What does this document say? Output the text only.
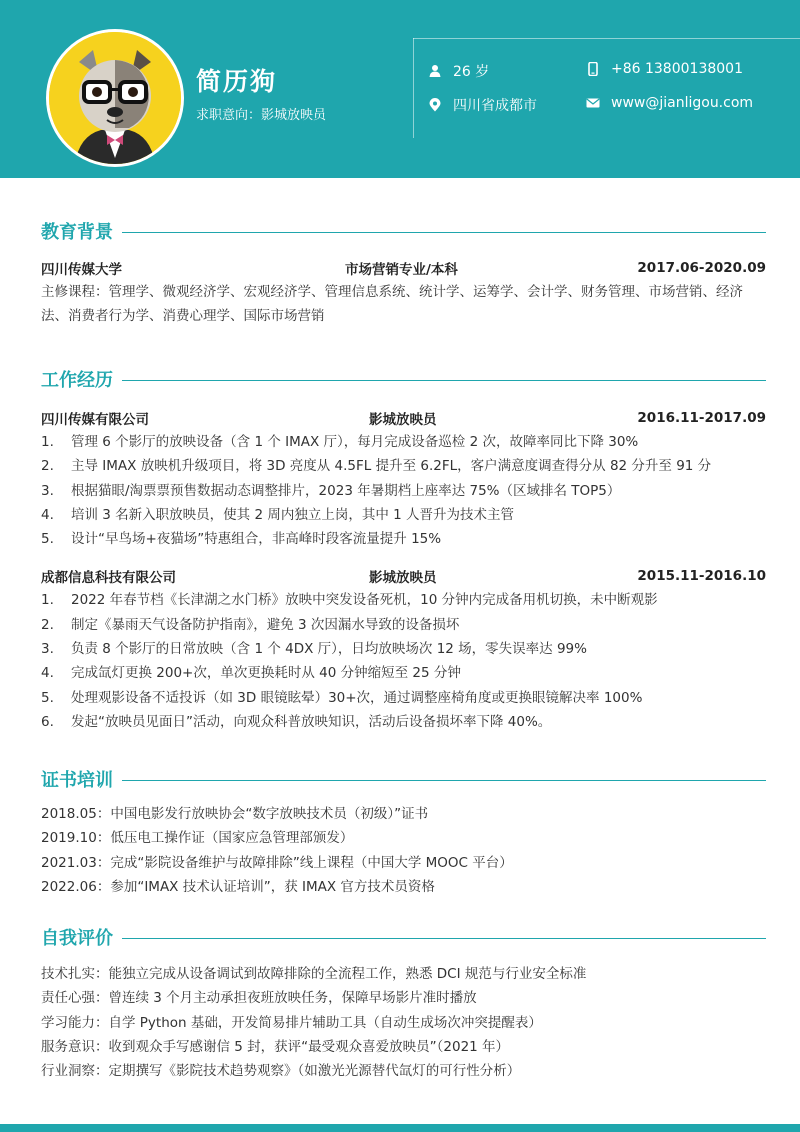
简历狗
求职意向：影城放映员
26 岁	+86 13800138001
四川省成都市	www@jianligou.com
教育背景
四川传媒大学	市场营销专业/本科	2017.06-2020.09
主修课程：管理学、微观经济学、宏观经济学、管理信息系统、统计学、运筹学、会计学、财务管理、市场营销、经济法、消费者行为学、消费心理学、国际市场营销
工作经历
四川传媒有限公司	影城放映员	2016.11-2017.09
1.	管理 6 个影厅的放映设备（含 1 个 IMAX 厅），每月完成设备巡检 2 次，故障率同比下降 30%
2.	主导 IMAX 放映机升级项目，将 3D 亮度从 4.5FL 提升至 6.2FL，客户满意度调查得分从 82 分升至 91 分
3.	根据猫眼/淘票票预售数据动态调整排片，2023 年暑期档上座率达 75%（区域排名 TOP5）
4.	培训 3 名新入职放映员，使其 2 周内独立上岗，其中 1 人晋升为技术主管
5.	设计“早鸟场+夜猫场”特惠组合，非高峰时段客流量提升 15%
成都信息科技有限公司	影城放映员	2015.11-2016.10
1.	2022 年春节档《长津湖之水门桥》放映中突发设备死机，10 分钟内完成备用机切换，未中断观影
2.	制定《暴雨天气设备防护指南》，避免 3 次因漏水导致的设备损坏
3.	负责 8 个影厅的日常放映（含 1 个 4DX 厅），日均放映场次 12 场，零失误率达 99%
4.	完成氙灯更换 200+次，单次更换耗时从 40 分钟缩短至 25 分钟
5.	处理观影设备不适投诉（如 3D 眼镜眩晕）30+次，通过调整座椅角度或更换眼镜解决率 100%
6.	发起“放映员见面日”活动，向观众科普放映知识，活动后设备损坏率下降 40%。
证书培训
2018.05：中国电影发行放映协会“数字放映技术员（初级）”证书
2019.10：低压电工操作证（国家应急管理部颁发）
2021.03：完成“影院设备维护与故障排除”线上课程（中国大学 MOOC 平台）
2022.06：参加“IMAX 技术认证培训”，获 IMAX 官方技术员资格
自我评价
技术扎实：能独立完成从设备调试到故障排除的全流程工作，熟悉 DCI 规范与行业安全标准
责任心强：曾连续 3 个月主动承担夜班放映任务，保障早场影片准时播放
学习能力：自学 Python 基础，开发简易排片辅助工具（自动生成场次冲突提醒表）
服务意识：收到观众手写感谢信 5 封，获评“最受观众喜爱放映员”（2021 年）
行业洞察：定期撰写《影院技术趋势观察》（如激光光源替代氙灯的可行性分析）
